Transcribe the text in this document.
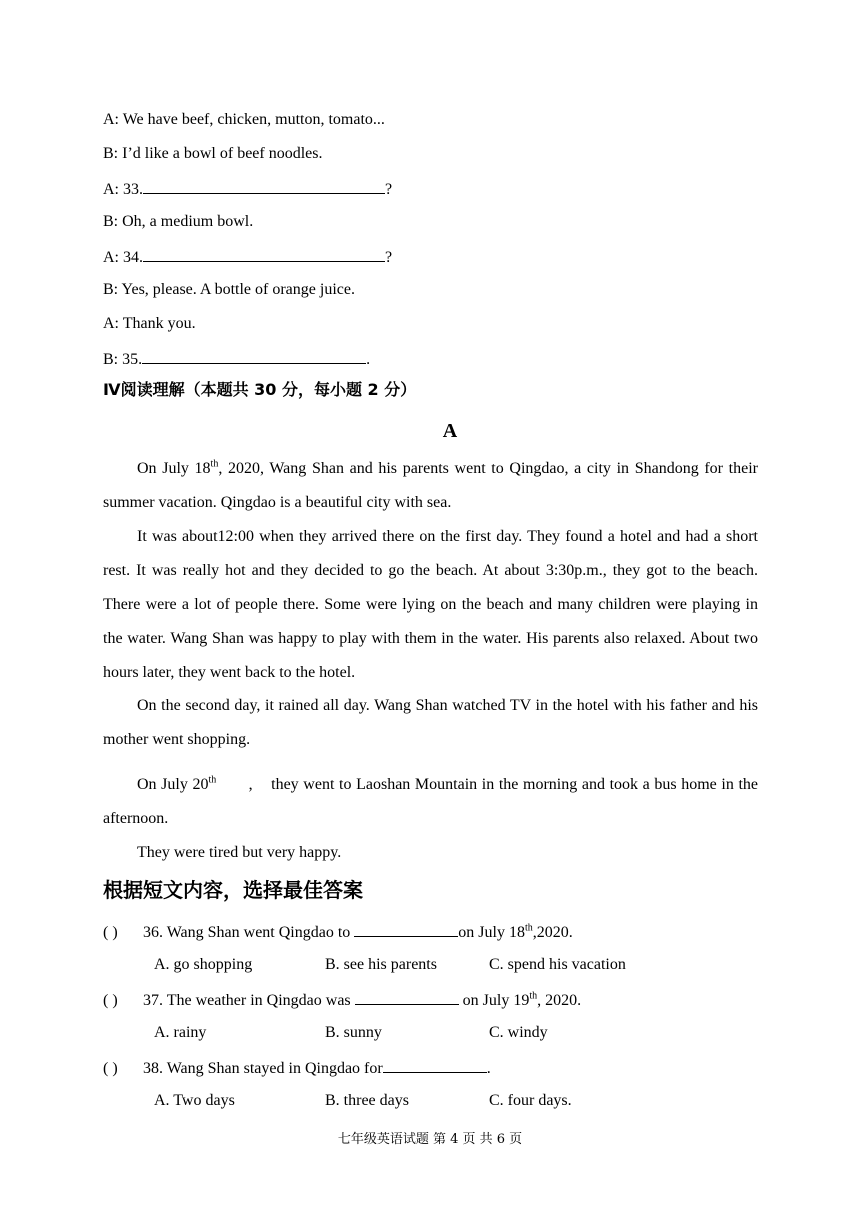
A: We have beef, chicken, mutton, tomato...
B: I’d like a bowl of beef noodles.
A: 33.	?
B: Oh, a medium bowl.
A: 34.	?
B: Yes, please. A bottle of orange juice.
A: Thank you.
B: 35.	.
Ⅳ阅读理解（本题共 30 分，每小题 2 分）
A
On July 18th, 2020, Wang Shan and his parents went to Qingdao, a city in Shandong for their summer vacation. Qingdao is a beautiful city with sea.
It was about12:00 when they arrived there on the first day. They found a hotel and had a short rest. It was really hot and they decided to go the beach. At about 3:30p.m., they got to the beach. There were a lot of people there. Some were lying on the beach and many children were playing in the water. Wang Shan was happy to play with them in the water. His parents also relaxed. About two hours later, they went back to the hotel.
On the second day, it rained all day. Wang Shan watched TV in the hotel with his father and his mother went shopping.
On July 20th       ,    they went to Laoshan Mountain in the morning and took a bus home in the afternoon.
They were tired but very happy.
根据短文内容，选择最佳答案
( ) 36. Wang Shan went Qingdao to	on July 18th,2020.
A. go shopping	B. see his parents	C. spend his vacation
( ) 37. The weather in Qingdao was	on July 19th, 2020.
A. rainy	B. sunny	C. windy
( ) 38. Wang Shan stayed in Qingdao for	.
A. Two days	B. three days	C. four days.
七年级英语试题 第 4 页 共 6 页
